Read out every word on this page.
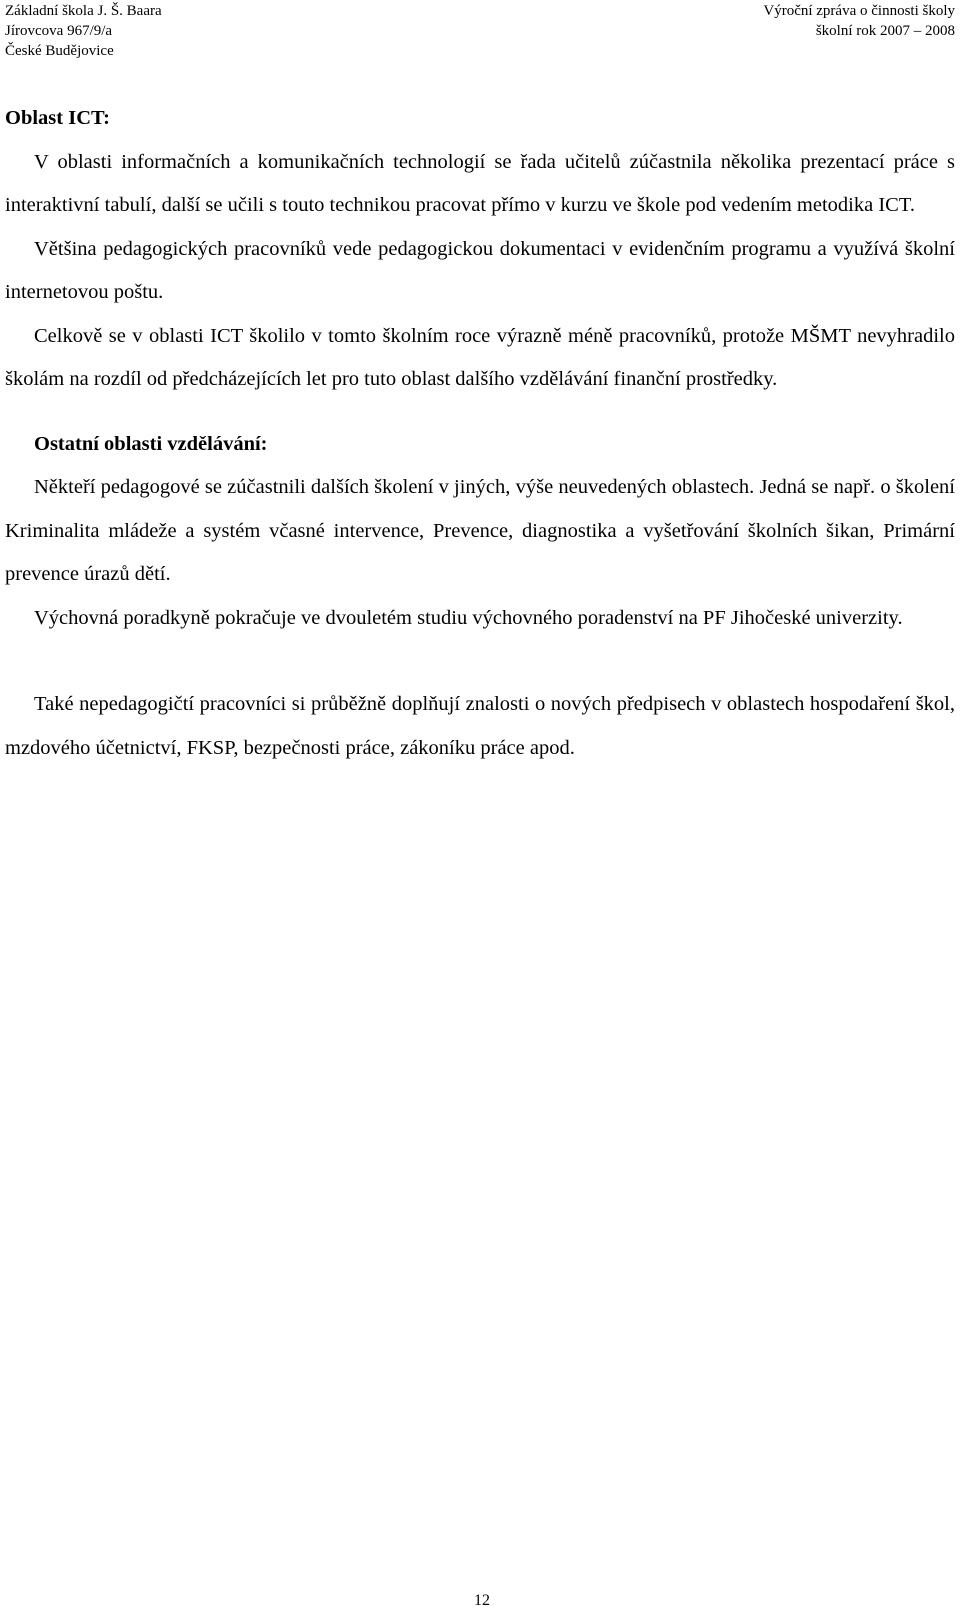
Základní škola J. Š. Baara
Jírovcova 967/9/a
České Budějovice
Výroční zpráva o činnosti školy
školní rok 2007 – 2008

Oblast ICT:

V oblasti informačních a komunikačních technologií se řada učitelů zúčastnila několika prezentací práce s interaktivní tabulí, další se učili s touto technikou pracovat přímo v kurzu ve škole pod vedením metodika ICT.

Většina pedagogických pracovníků vede pedagogickou dokumentaci v evidenčním programu a využívá školní internetovou poštu.

Celkově se v oblasti ICT školilo v tomto školním roce výrazně méně pracovníků, protože MŠMT nevyhradilo školám na rozdíl od předcházejících let pro tuto oblast dalšího vzdělávání finanční prostředky.

Ostatní oblasti vzdělávání:

Někteří pedagogové se zúčastnili dalších školení v jiných, výše neuvedených oblastech. Jedná se např. o školení Kriminalita mládeže a systém včasné intervence, Prevence, diagnostika a vyšetřování školních šikan, Primární prevence úrazů dětí.

Výchovná poradkyně pokračuje ve dvouletém studiu výchovného poradenství na PF Jihočeské univerzity.

Také nepedagogičtí pracovníci si průběžně doplňují znalosti o nových předpisech v oblastech hospodaření škol, mzdového účetnictví, FKSP, bezpečnosti práce, zákoníku práce apod.

12
